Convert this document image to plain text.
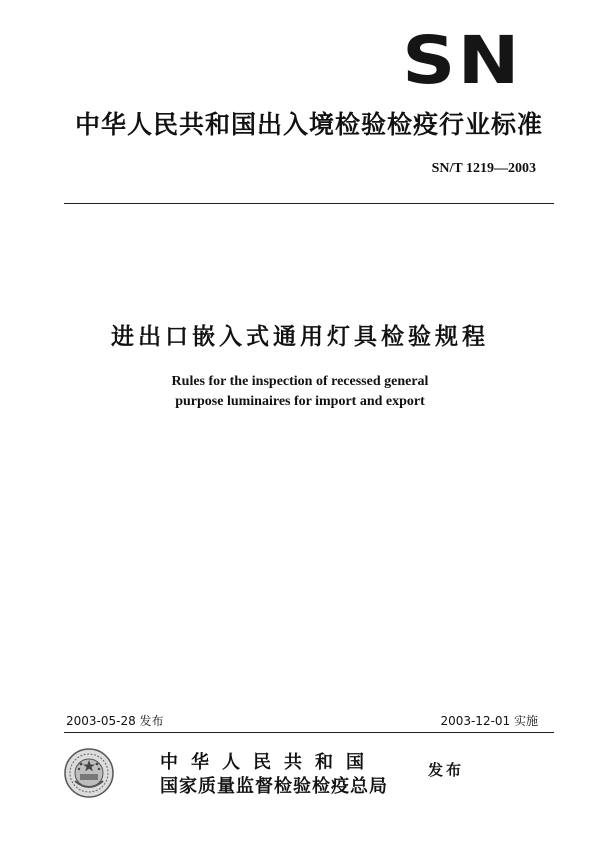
SN
中华人民共和国出入境检验检疫行业标准
SN/T 1219—2003
进出口嵌入式通用灯具检验规程
Rules for the inspection of recessed general
purpose luminaires for import and export
2003-05-28 发布	2003-12-01 实施
中华人民共和国
国家质量监督检验检疫总局
发布
